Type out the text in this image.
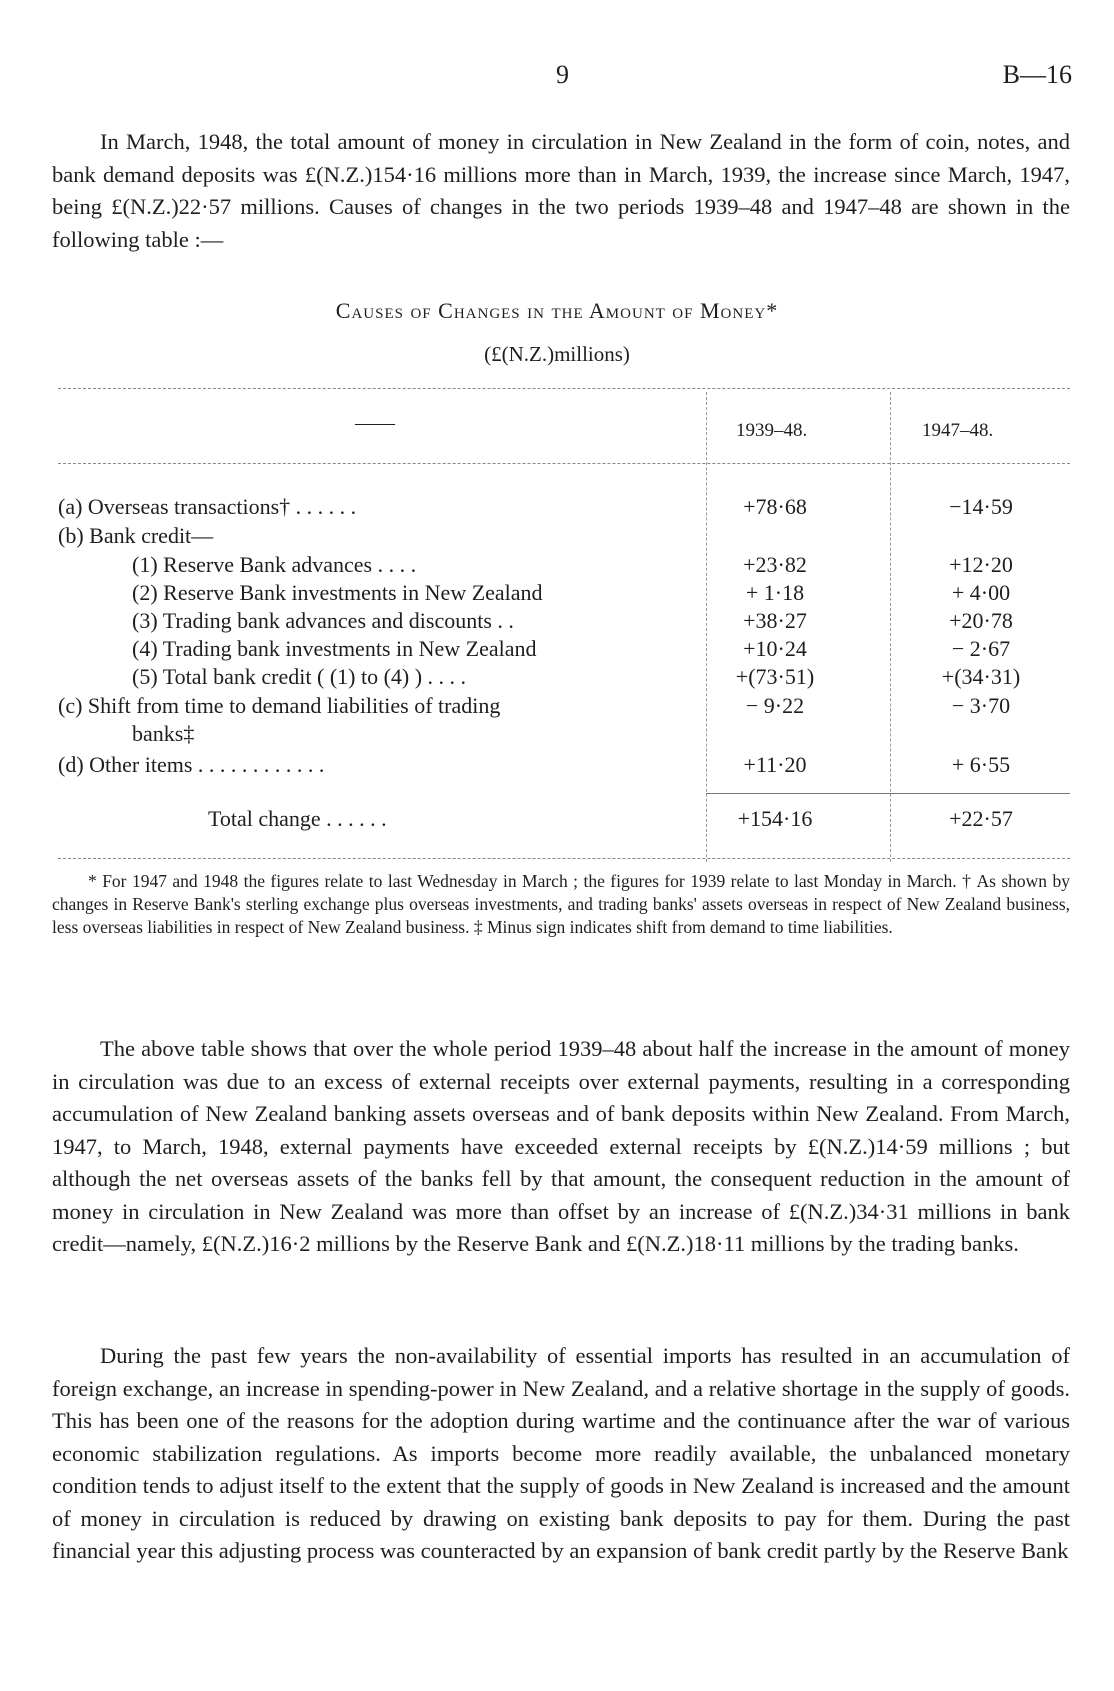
9	B—16

In March, 1948, the total amount of money in circulation in New Zealand in the form of coin, notes, and bank demand deposits was £(N.Z.)154·16 millions more than in March, 1939, the increase since March, 1947, being £(N.Z.)22·57 millions. Causes of changes in the two periods 1939–48 and 1947–48 are shown in the following table :—

Causes of Changes in the Amount of Money*
(£(N.Z.)millions)
——	1939–48.	1947–48.
(a) Overseas transactions† . . . . . .	+78·68	−14·59
(b) Bank credit—
(1) Reserve Bank advances . . . .	+23·82	+12·20
(2) Reserve Bank investments in New Zealand	+ 1·18	+ 4·00
(3) Trading bank advances and discounts . .	+38·27	+20·78
(4) Trading bank investments in New Zealand	+10·24	− 2·67
(5) Total bank credit ( (1) to (4) ) . . . .	+(73·51)	+(34·31)
(c) Shift from time to demand liabilities of trading	− 9·22	− 3·70
banks‡
(d) Other items . . . . . . . . . . . .	+11·20	+ 6·55
Total change . . . . . .	+154·16	+22·57

* For 1947 and 1948 the figures relate to last Wednesday in March ; the figures for 1939 relate to last Monday in March. † As shown by changes in Reserve Bank's sterling exchange plus overseas investments, and trading banks' assets overseas in respect of New Zealand business, less overseas liabilities in respect of New Zealand business. ‡ Minus sign indicates shift from demand to time liabilities.

The above table shows that over the whole period 1939–48 about half the increase in the amount of money in circulation was due to an excess of external receipts over external payments, resulting in a corresponding accumulation of New Zealand banking assets overseas and of bank deposits within New Zealand. From March, 1947, to March, 1948, external payments have exceeded external receipts by £(N.Z.)14·59 millions ; but although the net overseas assets of the banks fell by that amount, the consequent reduction in the amount of money in circulation in New Zealand was more than offset by an increase of £(N.Z.)34·31 millions in bank credit—namely, £(N.Z.)16·2 millions by the Reserve Bank and £(N.Z.)18·11 millions by the trading banks.

During the past few years the non-availability of essential imports has resulted in an accumulation of foreign exchange, an increase in spending-power in New Zealand, and a relative shortage in the supply of goods. This has been one of the reasons for the adoption during wartime and the continuance after the war of various economic stabilization regulations. As imports become more readily available, the unbalanced monetary condition tends to adjust itself to the extent that the supply of goods in New Zealand is increased and the amount of money in circulation is reduced by drawing on existing bank deposits to pay for them. During the past financial year this adjusting process was counteracted by an expansion of bank credit partly by the Reserve Bank
